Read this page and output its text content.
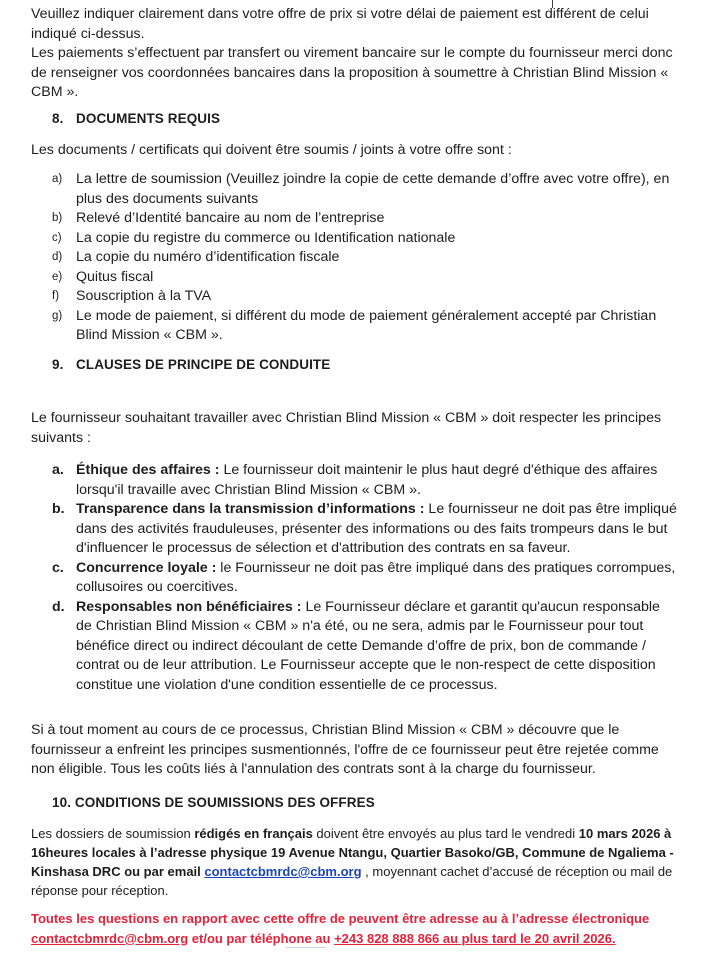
Veuillez indiquer clairement dans votre offre de prix si votre délai de paiement est différent de celui indiqué ci-dessus.

Les paiements s’effectuent par transfert ou virement bancaire sur le compte du fournisseur merci donc de renseigner vos coordonnées bancaires dans la proposition à soumettre à Christian Blind Mission « CBM ».

8. DOCUMENTS REQUIS

Les documents / certificats qui doivent être soumis / joints à votre offre sont :

a) La lettre de soumission (Veuillez joindre la copie de cette demande d’offre avec votre offre), en plus des documents suivants
b) Relevé d’Identité bancaire au nom de l’entreprise
c) La copie du registre du commerce ou Identification nationale
d) La copie du numéro d’identification fiscale
e) Quitus fiscal
f) Souscription à la TVA
g) Le mode de paiement, si différent du mode de paiement généralement accepté par Christian Blind Mission « CBM ».
9. CLAUSES DE PRINCIPE DE CONDUITE

Le fournisseur souhaitant travailler avec Christian Blind Mission « CBM » doit respecter les principes suivants :

a. Éthique des affaires : Le fournisseur doit maintenir le plus haut degré d'éthique des affaires lorsqu'il travaille avec Christian Blind Mission « CBM ».
b. Transparence dans la transmission d’informations : Le fournisseur ne doit pas être impliqué dans des activités frauduleuses, présenter des informations ou des faits trompeurs dans le but d'influencer le processus de sélection et d'attribution des contrats en sa faveur.
c. Concurrence loyale : le Fournisseur ne doit pas être impliqué dans des pratiques corrompues, collusoires ou coercitives.
d. Responsables non bénéficiaires : Le Fournisseur déclare et garantit qu'aucun responsable de Christian Blind Mission « CBM » n'a été, ou ne sera, admis par le Fournisseur pour tout bénéfice direct ou indirect découlant de cette Demande d’offre de prix, bon de commande / contrat ou de leur attribution. Le Fournisseur accepte que le non-respect de cette disposition constitue une violation d'une condition essentielle de ce processus.

Si à tout moment au cours de ce processus, Christian Blind Mission « CBM » découvre que le fournisseur a enfreint les principes susmentionnés, l'offre de ce fournisseur peut être rejetée comme non éligible. Tous les coûts liés à l'annulation des contrats sont à la charge du fournisseur.

10. CONDITIONS DE SOUMISSIONS DES OFFRES

Les dossiers de soumission rédigés en français doivent être envoyés au plus tard le vendredi 10 mars 2026 à 16heures locales à l’adresse physique 19 Avenue Ntangu, Quartier Basoko/GB, Commune de Ngaliema - Kinshasa DRC ou par email contactcbmrdc@cbm.org , moyennant cachet d’accusé de réception ou mail de réponse pour réception.

Toutes les questions en rapport avec cette offre de peuvent être adresse au à l’adresse électronique contactcbmrdc@cbm.org et/ou par téléphone au +243 828 888 866 au plus tard le 20 avril 2026.
